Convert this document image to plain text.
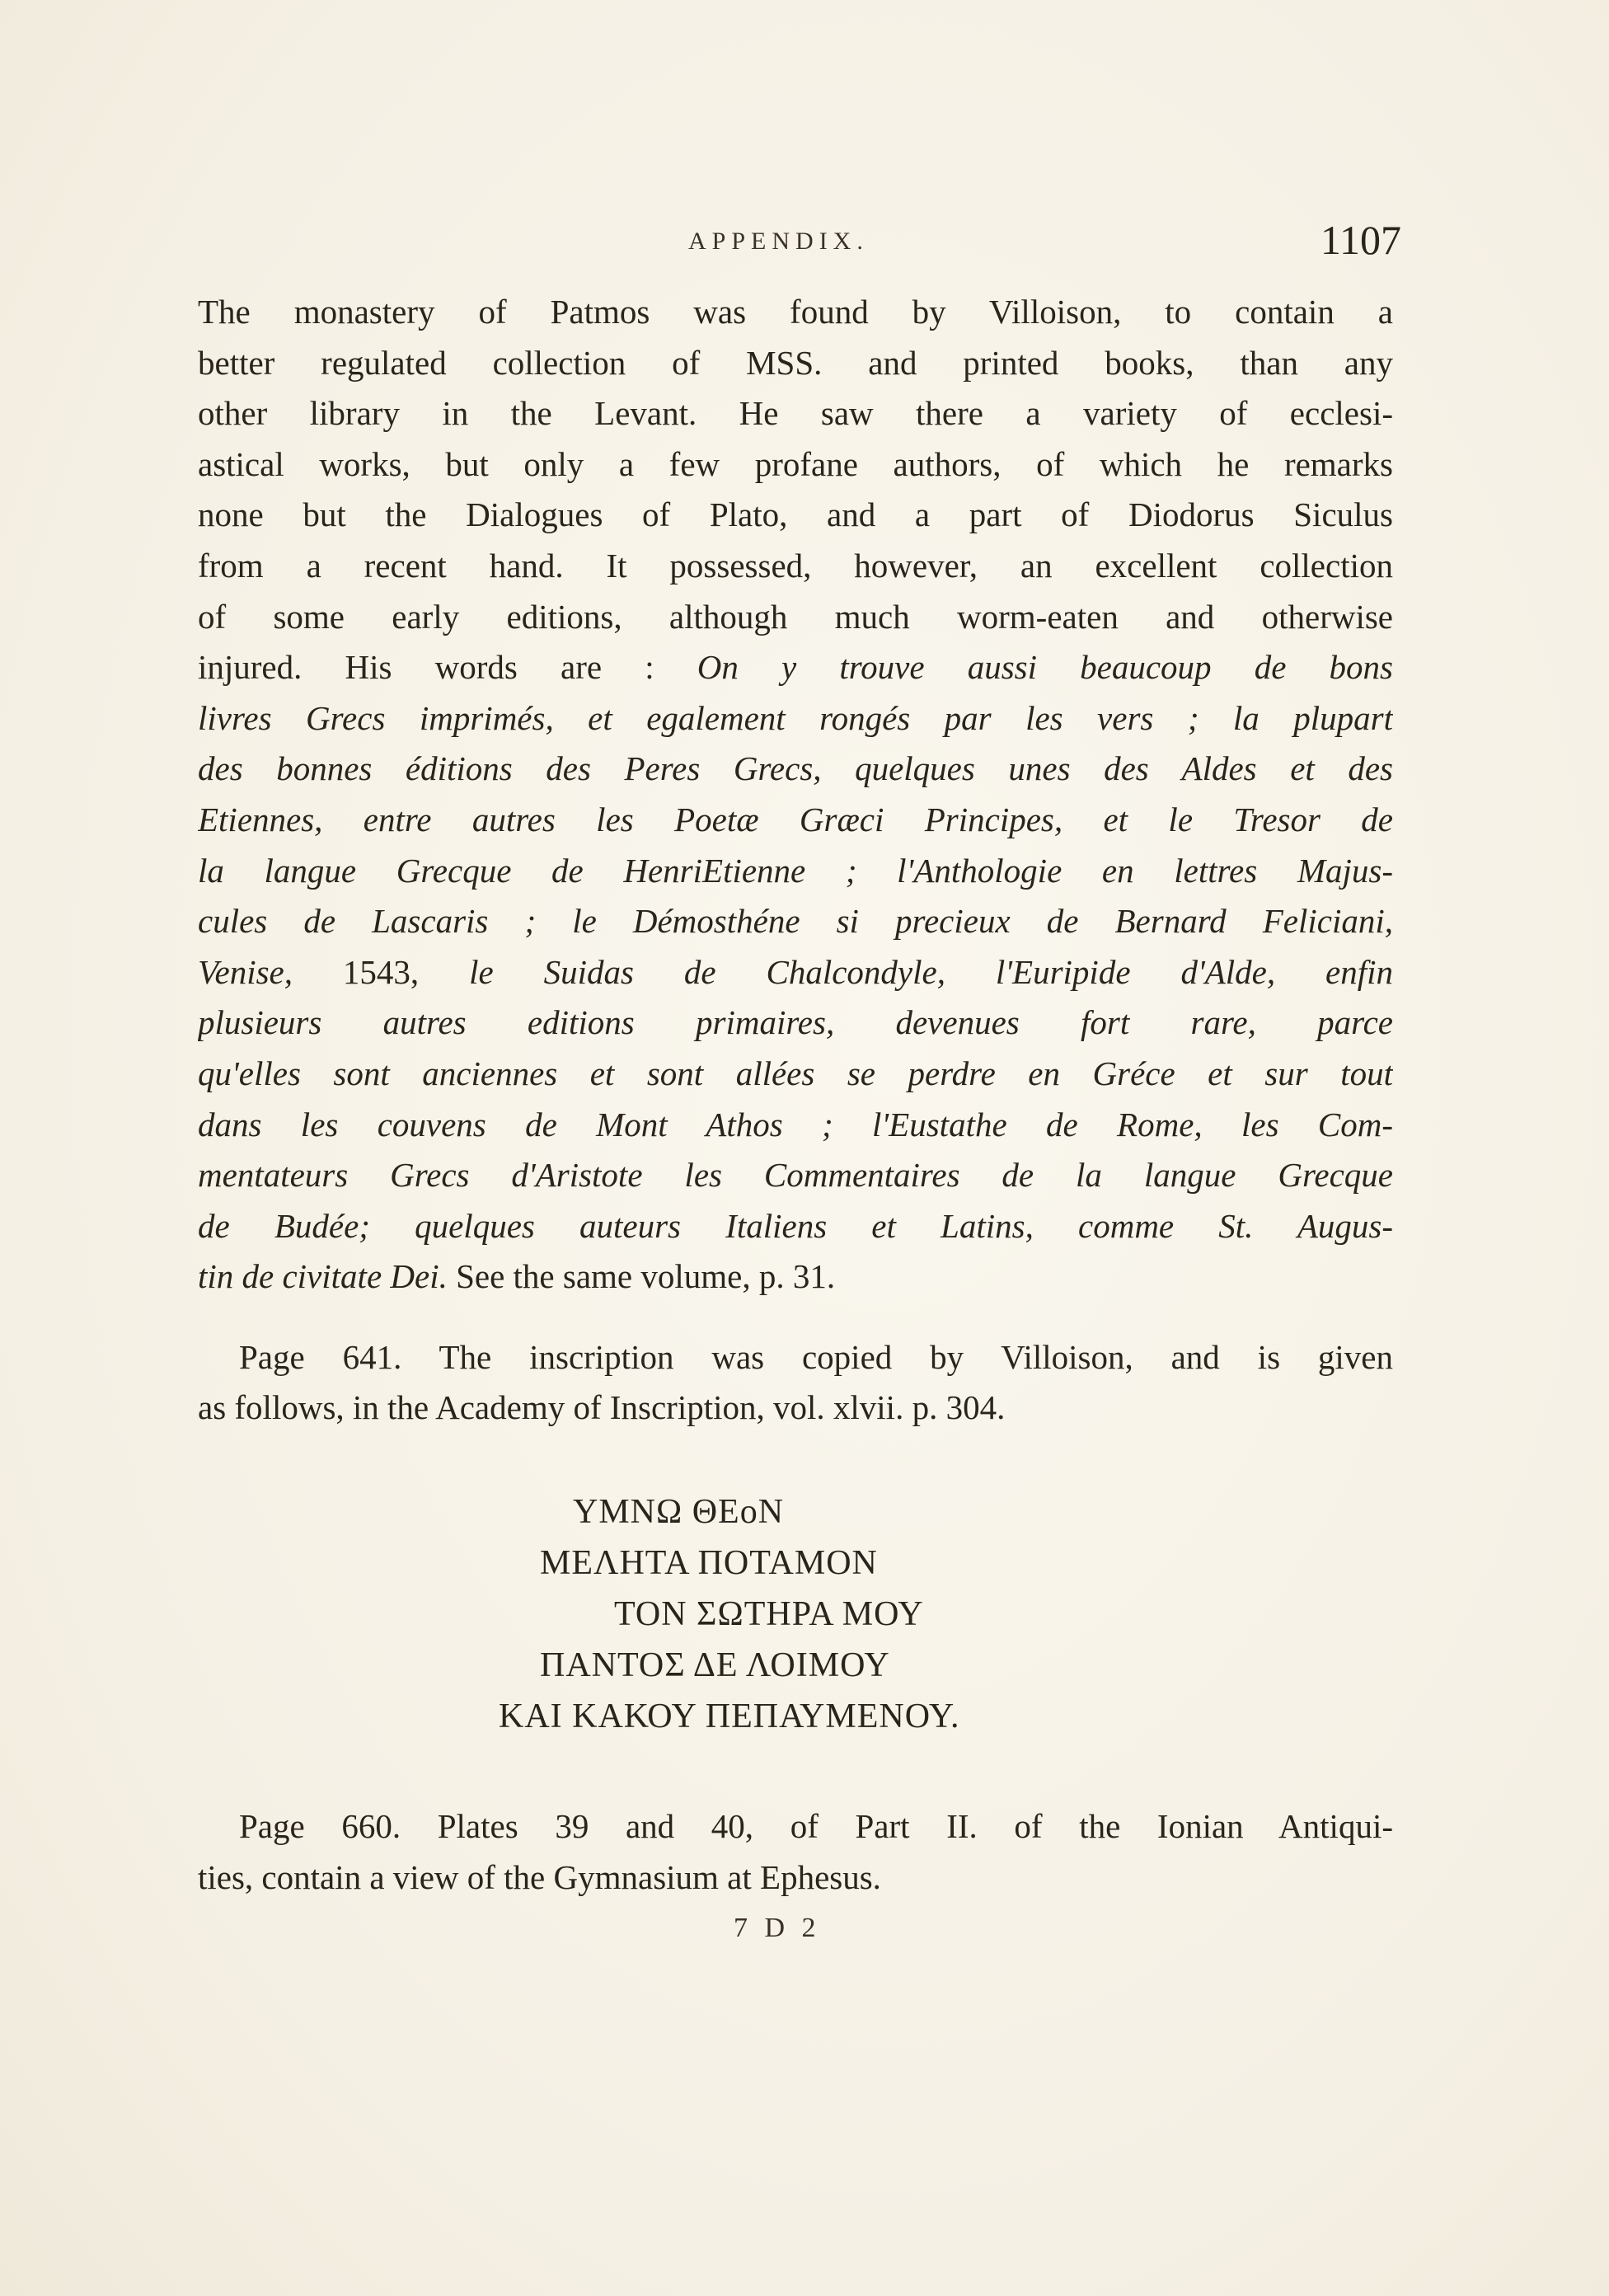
APPENDIX.	1107
The monastery of Patmos was found by Villoison, to contain a
better regulated collection of MSS. and printed books, than any
other library in the Levant. He saw there a variety of ecclesi-
astical works, but only a few profane authors, of which he remarks
none but the Dialogues of Plato, and a part of Diodorus Siculus
from a recent hand. It possessed, however, an excellent collection
of some early editions, although much worm-eaten and otherwise
injured. His words are : On y trouve aussi beaucoup de bons
livres Grecs imprimés, et egalement rongés par les vers ; la plupart
des bonnes éditions des Peres Grecs, quelques unes des Aldes et des
Etiennes, entre autres les Poetæ Græci Principes, et le Tresor de
la langue Grecque de HenriEtienne ; l'Anthologie en lettres Majus-
cules de Lascaris ; le Démosthéne si precieux de Bernard Feliciani,
Venise, 1543, le Suidas de Chalcondyle, l'Euripide d'Alde, enfin
plusieurs autres editions primaires, devenues fort rare, parce
qu'elles sont anciennes et sont allées se perdre en Gréce et sur tout
dans les couvens de Mont Athos ; l'Eustathe de Rome, les Com-
mentateurs Grecs d'Aristote les Commentaires de la langue Grecque
de Budée; quelques auteurs Italiens et Latins, comme St. Augus-
tin de civitate Dei. See the same volume, p. 31.
Page 641. The inscription was copied by Villoison, and is given
as follows, in the Academy of Inscription, vol. xlvii. p. 304.
ΥΜΝΩ ΘΕοΝ
ΜΕΛΗΤΑ ΠΟΤΑΜΟΝ
ΤΟΝ ΣΩΤΗΡΑ ΜΟΥ
ΠΑΝΤΟΣ ΔΕ ΛΟΙΜΟΥ
ΚΑΙ ΚΑΚΟΥ ΠΕΠΑΥΜΕΝΟΥ.
Page 660. Plates 39 and 40, of Part II. of the Ionian Antiqui-
ties, contain a view of the Gymnasium at Ephesus.
7 D 2
